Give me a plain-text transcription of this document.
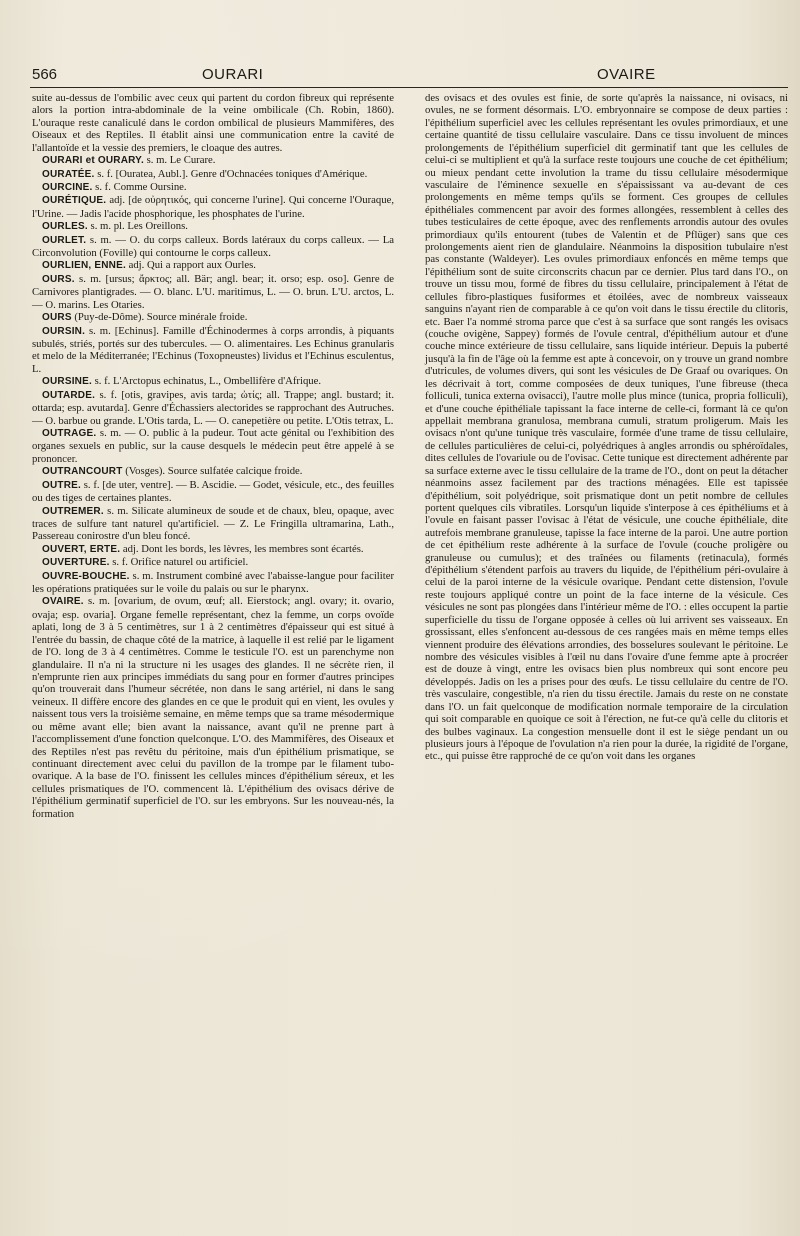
566	OURARI	OVAIRE

suite au-dessus de l'ombilic avec ceux qui partent du cordon fibreux qui représente alors la portion intra-abdominale de la veine ombilicale (Ch. Robin, 1860). L'ouraque reste canaliculé dans le cordon ombilical de plusieurs Mammifères, des Oiseaux et des Reptiles. Il établit ainsi une communication entre la cavité de l'allantoïde et la vessie des premiers, le cloaque des autres.

OURARI et OURARY. s. m. Le Curare.

OURATÉE. s. f. [Ouratea, Aubl.]. Genre d'Ochnacées toniques d'Amérique.

OURCINE. s. f. Comme Oursine.

OURÉTIQUE. adj. [de οὐρητικός, qui concerne l'urine]. Qui concerne l'Ouraque, l'Urine. — Jadis l'acide phosphorique, les phosphates de l'urine.

OURLES. s. m. pl. Les Oreillons.

OURLET. s. m. — O. du corps calleux. Bords latéraux du corps calleux. — La Circonvolution (Foville) qui contourne le corps calleux.

OURLIEN, ENNE. adj. Qui a rapport aux Ourles.

OURS. s. m. [ursus; ἄρκτος; all. Bär; angl. bear; it. orso; esp. oso]. Genre de Carnivores plantigrades. — O. blanc. L'U. maritimus, L. — O. brun. L'U. arctos, L. — O. marins. Les Otaries.

OURS (Puy-de-Dôme). Source minérale froide.

OURSIN. s. m. [Echinus]. Famille d'Échinodermes à corps arrondis, à piquants subulés, striés, portés sur des tubercules. — O. alimentaires. Les Echinus granularis et melo de la Méditerranée; l'Echinus (Toxopneustes) lividus et l'Echinus esculentus, L.

OURSINE. s. f. L'Arctopus echinatus, L., Ombellifère d'Afrique.

OUTARDE. s. f. [otis, gravipes, avis tarda; ὠτίς; all. Trappe; angl. bustard; it. ottarda; esp. avutarda]. Genre d'Échassiers alectorides se rapprochant des Autruches. — O. barbue ou grande. L'Otis tarda, L. — O. canepetière ou petite. L'Otis tetrax, L.

OUTRAGE. s. m. — O. public à la pudeur. Tout acte génital ou l'exhibition des organes sexuels en public, sur la cause desquels le médecin peut être appelé à se prononcer.

OUTRANCOURT (Vosges). Source sulfatée calcique froide.

OUTRE. s. f. [de uter, ventre]. — B. Ascidie. — Godet, vésicule, etc., des feuilles ou des tiges de certaines plantes.

OUTREMER. s. m. Silicate alumineux de soude et de chaux, bleu, opaque, avec traces de sulfure tant naturel qu'artificiel. — Z. Le Fringilla ultramarina, Lath., Passereau conirostre d'un bleu foncé.

OUVERT, ERTE. adj. Dont les bords, les lèvres, les membres sont écartés.

OUVERTURE. s. f. Orifice naturel ou artificiel.

OUVRE-BOUCHE. s. m. Instrument combiné avec l'abaisse-langue pour faciliter les opérations pratiquées sur le voile du palais ou sur le pharynx.

OVAIRE. s. m. [ovarium, de ovum, œuf; all. Eierstock; angl. ovary; it. ovario, ovaja; esp. ovaria]. Organe femelle représentant, chez la femme, un corps ovoïde aplati, long de 3 à 5 centimètres, sur 1 à 2 centimètres d'épaisseur qui est situé à l'entrée du bassin, de chaque côté de la matrice, à laquelle il est relié par le ligament de l'O. long de 3 à 4 centimètres. Comme le testicule l'O. est un parenchyme non glandulaire. Il n'a ni la structure ni les usages des glandes. Il ne sécrète rien, il n'emprunte rien aux principes immédiats du sang pour en former d'autres principes qu'on trouverait dans l'humeur sécrétée, non dans le sang artériel, ni dans le sang veineux. Il diffère encore des glandes en ce que le produit qui en vient, les ovules y naissent tous vers la troisième semaine, en même temps que sa trame mésodermique ou même avant elle; bien avant la naissance, avant qu'il ne prenne part à l'accomplissement d'une fonction quelconque. L'O. des Mammifères, des Oiseaux et des Reptiles n'est pas revêtu du péritoine, mais d'un épithélium prismatique, se continuant directement avec celui du pavillon de la trompe par le filament tubo-ovarique. A la base de l'O. finissent les cellules minces d'épithélium séreux, et les cellules prismatiques de l'O. commencent là. L'épithélium des ovisacs dérive de l'épithélium germinatif superficiel de l'O. sur les embryons. Sur les nouveau-nés, la formation

des ovisacs et des ovules est finie, de sorte qu'après la naissance, ni ovisacs, ni ovules, ne se forment désormais. L'O. embryonnaire se compose de deux parties : l'épithélium superficiel avec les cellules représentant les ovules primordiaux, et une certaine quantité de tissu cellulaire vasculaire. Dans ce tissu involuent de minces prolongements de l'épithélium superficiel dit germinatif tant que les cellules de celui-ci se multiplient et qu'à la surface reste toujours une couche de cet épithélium; ou mieux pendant cette involution la trame du tissu cellulaire mésodermique vasculaire de l'éminence sexuelle en s'épaississant va au-devant de ces prolongements en même temps qu'ils se forment. Ces groupes de cellules épithéliales commencent par avoir des formes allongées, ressemblent à celles des tubes testiculaires de cette époque, avec des renflements arrondis autour des ovules primordiaux qu'ils entourent (tubes de Valentin et de Pflüger) sans que ces prolongements aient rien de glandulaire. Néanmoins la disposition tubulaire n'est pas constante (Waldeyer). Les ovules primordiaux enfoncés en même temps que l'épithélium sont de suite circonscrits chacun par ce dernier. Plus tard dans l'O., on trouve un tissu mou, formé de fibres du tissu cellulaire, principalement à l'état de cellules fibro-plastiques fusiformes et étoilées, avec de nombreux vaisseaux sanguins n'ayant rien de comparable à ce qu'on voit dans le tissu érectile du clitoris, etc. Baer l'a nommé stroma parce que c'est à sa surface que sont rangés les ovisacs (couche ovigène, Sappey) formés de l'ovule central, d'épithélium autour et d'une couche mince extérieure de tissu cellulaire, sans liquide intérieur. Depuis la puberté jusqu'à la fin de l'âge où la femme est apte à concevoir, on y trouve un grand nombre d'utricules, de volumes divers, qui sont les vésicules de De Graaf ou ovariques. On les décrivait à tort, comme composées de deux tuniques, l'une fibreuse (theca folliculi, tunica externa ovisacci), l'autre molle plus mince (tunica, propria folliculi), et d'une couche épithéliale tapissant la face interne de celle-ci, formant là ce qu'on appellait membrana granulosa, membrana cumuli, stratum proligerum. Mais les ovisacs n'ont qu'une tunique très vasculaire, formée d'une trame de tissu cellulaire, de cellules particulières de celui-ci, polyédriques à angles arrondis ou sphéroïdales, dites cellules de l'ovariule ou de l'ovisac. Cette tunique est directement adhérente par sa surface externe avec le tissu cellulaire de la trame de l'O., dont on peut la détacher néanmoins assez facilement par des tractions ménagées. Elle est tapissée d'épithélium, soit polyédrique, soit prismatique dont un petit nombre de cellules portent quelques cils vibratiles. Lorsqu'un liquide s'interpose à ces épithéliums et à l'ovule en faisant passer l'ovisac à l'état de vésicule, une couche épithéliale, dite autrefois membrane granuleuse, tapisse la face interne de la paroi. Une autre portion de cet épithélium reste adhérente à la surface de l'ovule (couche proligère ou granuleuse ou cumulus); et des traînées ou filaments (retinacula), formés d'épithélium s'étendent parfois au travers du liquide, de l'épithélium péri-ovulaire à celui de la paroi interne de la vésicule ovarique. Pendant cette distension, l'ovule reste toujours appliqué contre un point de la face interne de la vésicule. Ces vésicules ne sont pas plongées dans l'intérieur même de l'O. : elles occupent la partie superficielle du tissu de l'organe opposée à celles où lui arrivent ses vaisseaux. En grossissant, elles s'enfoncent au-dessous de ces rangées mais en même temps elles viennent produire des élévations arrondies, des bosselures soulevant le péritoine. Le nombre des vésicules visibles à l'œil nu dans l'ovaire d'une femme apte à procréer est de douze à vingt, entre les ovisacs bien plus nombreux qui sont encore peu développés. Jadis on les a prises pour des œufs. Le tissu cellulaire du centre de l'O. très vasculaire, congestible, n'a rien du tissu érectile. Jamais du reste on ne constate dans l'O. un fait quelconque de modification normale temporaire de la circulation qui soit comparable en quoique ce soit à l'érection, ne fut-ce qu'à celle du clitoris et des bulbes vaginaux. La congestion mensuelle dont il est le siège pendant un ou plusieurs jours à l'époque de l'ovulation n'a rien pour la durée, la rigidité de l'organe, etc., qui puisse être rapproché de ce qu'on voit dans les organes
